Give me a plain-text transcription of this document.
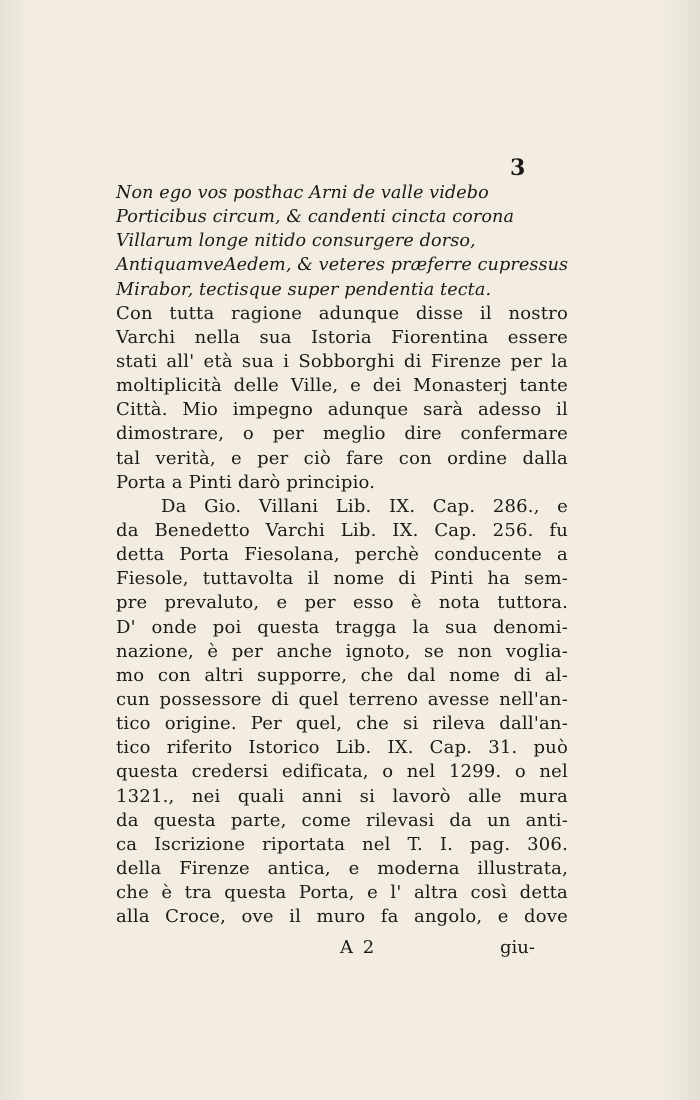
3
Non ego vos posthac Arni de valle videbo
Porticibus circum, & candenti cincta corona
Villarum longe nitido consurgere dorso,
AntiquamveAedem, & veteres præferre cupressus
Mirabor, tectisque super pendentia tecta.
Con tutta ragione adunque disse il nostro
Varchi nella sua Istoria Fiorentina essere
stati all' età sua i Sobborghi di Firenze per la
moltiplicità delle Ville, e dei Monasterj tante
Città. Mio impegno adunque sarà adesso il
dimostrare, o per meglio dire confermare
tal verità, e per ciò fare con ordine dalla
Porta a Pinti darò principio.
Da Gio. Villani Lib. IX. Cap. 286., e
da Benedetto Varchi Lib. IX. Cap. 256. fu
detta Porta Fiesolana, perchè conducente a
Fiesole, tuttavolta il nome di Pinti ha sem-
pre prevaluto, e per esso è nota tuttora.
D' onde poi questa tragga la sua denomi-
nazione, è per anche ignoto, se non voglia-
mo con altri supporre, che dal nome di al-
cun possessore di quel terreno avesse nell'an-
tico origine. Per quel, che si rileva dall'an-
tico riferito Istorico Lib. IX. Cap. 31. può
questa credersi edificata, o nel 1299. o nel
1321., nei quali anni si lavorò alle mura
da questa parte, come rilevasi da un anti-
ca Iscrizione riportata nel T. I. pag. 306.
della Firenze antica, e moderna illustrata,
che è tra questa Porta, e l' altra così detta
alla Croce, ove il muro fa angolo, e dove
A 2	giu-
